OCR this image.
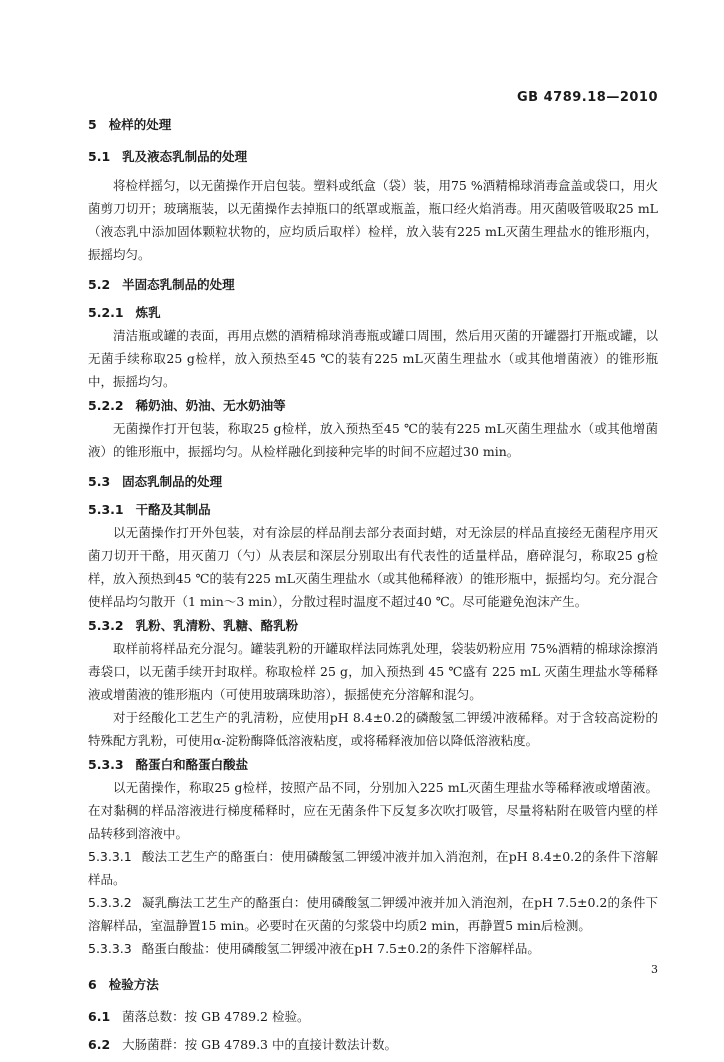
GB 4789.18—2010
5 检样的处理
5.1 乳及液态乳制品的处理

将检样摇匀，以无菌操作开启包装。塑料或纸盒（袋）装，用75 %酒精棉球消毒盒盖或袋口，用火菌剪刀切开；玻璃瓶装，以无菌操作去掉瓶口的纸罩或瓶盖，瓶口经火焰消毒。用灭菌吸管吸取25 mL（液态乳中添加固体颗粒状物的，应均质后取样）检样，放入装有225 mL灭菌生理盐水的锥形瓶内，振摇均匀。

5.2 半固态乳制品的处理
5.2.1 炼乳

清洁瓶或罐的表面，再用点燃的酒精棉球消毒瓶或罐口周围，然后用灭菌的开罐器打开瓶或罐，以无菌手续称取25 g检样，放入预热至45 ℃的装有225 mL灭菌生理盐水（或其他增菌液）的锥形瓶中，振摇均匀。

5.2.2 稀奶油、奶油、无水奶油等

无菌操作打开包装，称取25 g检样，放入预热至45 ℃的装有225 mL灭菌生理盐水（或其他增菌液）的锥形瓶中，振摇均匀。从检样融化到接种完毕的时间不应超过30 min。

5.3 固态乳制品的处理
5.3.1 干酪及其制品

以无菌操作打开外包装，对有涂层的样品削去部分表面封蜡，对无涂层的样品直接经无菌程序用灭菌刀切开干酪，用灭菌刀（勺）从表层和深层分别取出有代表性的适量样品，磨碎混匀，称取25 g检样，放入预热到45 ℃的装有225 mL灭菌生理盐水（或其他稀释液）的锥形瓶中，振摇均匀。充分混合使样品均匀散开（1 min～3 min），分散过程时温度不超过40 ℃。尽可能避免泡沫产生。

5.3.2 乳粉、乳清粉、乳糖、酪乳粉

取样前将样品充分混匀。罐装乳粉的开罐取样法同炼乳处理，袋装奶粉应用 75%酒精的棉球涂擦消毒袋口，以无菌手续开封取样。称取检样 25 g，加入预热到 45 ℃盛有 225 mL 灭菌生理盐水等稀释液或增菌液的锥形瓶内（可使用玻璃珠助溶），振摇使充分溶解和混匀。

对于经酸化工艺生产的乳清粉，应使用pH 8.4±0.2的磷酸氢二钾缓冲液稀释。对于含较高淀粉的特殊配方乳粉，可使用α-淀粉酶降低溶液粘度，或将稀释液加倍以降低溶液粘度。

5.3.3 酪蛋白和酪蛋白酸盐

以无菌操作，称取25 g检样，按照产品不同，分别加入225 mL灭菌生理盐水等稀释液或增菌液。在对黏稠的样品溶液进行梯度稀释时，应在无菌条件下反复多次吹打吸管，尽量将粘附在吸管内壁的样品转移到溶液中。

5.3.3.1 酸法工艺生产的酪蛋白：使用磷酸氢二钾缓冲液并加入消泡剂，在pH 8.4±0.2的条件下溶解样品。

5.3.3.2 凝乳酶法工艺生产的酪蛋白：使用磷酸氢二钾缓冲液并加入消泡剂，在pH 7.5±0.2的条件下溶解样品，室温静置15 min。必要时在灭菌的匀浆袋中均质2 min，再静置5 min后检测。

5.3.3.3 酪蛋白酸盐：使用磷酸氢二钾缓冲液在pH 7.5±0.2的条件下溶解样品。

6 检验方法
6.1 菌落总数：按 GB 4789.2 检验。
6.2 大肠菌群：按 GB 4789.3 中的直接计数法计数。
3
